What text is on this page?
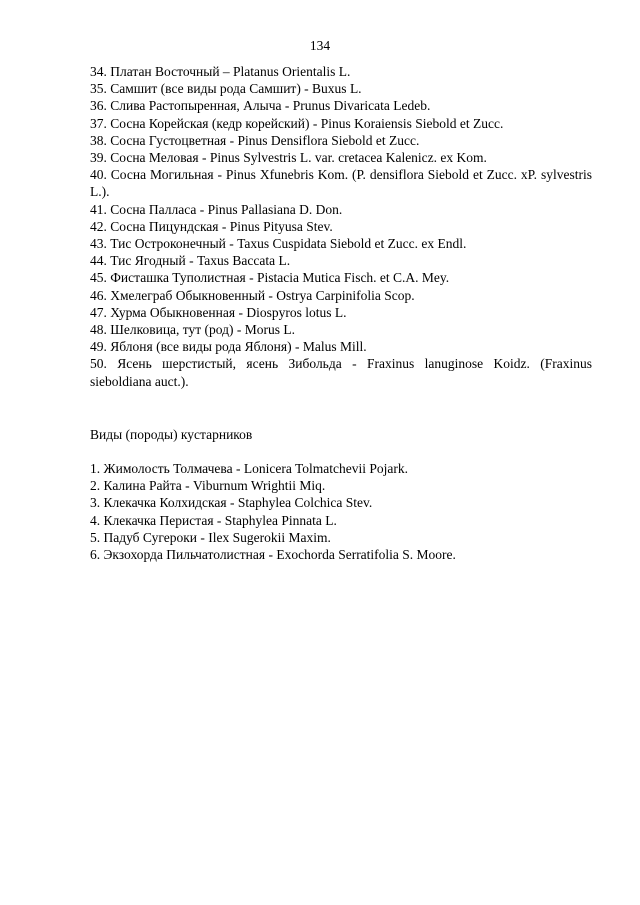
134
34. Платан Восточный – Platanus Orientalis L.
35. Самшит (все виды рода Самшит) - Buxus L.
36. Слива Растопыренная, Алыча - Prunus Divaricata Ledeb.
37. Сосна Корейская (кедр корейский) - Pinus Koraiensis Siebold et Zucc.
38. Сосна Густоцветная - Pinus Densiflora Siebold et Zucc.
39. Сосна Меловая - Pinus Sylvestris L. var. cretacea Kalenicz. ex Kom.
40. Сосна Могильная - Pinus Xfunebris Kom. (P. densiflora Siebold et Zucc. xP. sylvestris L.).
41. Сосна Палласа - Pinus Pallasiana D. Don.
42. Сосна Пицундская - Pinus Pityusa Stev.
43. Тис Остроконечный - Taxus Cuspidata Siebold et Zucc. ex Endl.
44. Тис Ягодный - Taxus Baccata L.
45. Фисташка Туполистная - Pistacia Mutica Fisch. et C.A. Mey.
46. Хмелеграб Обыкновенный - Ostrya Carpinifolia Scop.
47. Хурма Обыкновенная - Diospyros lotus L.
48. Шелковица, тут (род) - Morus L.
49. Яблоня (все виды рода Яблоня) - Malus Mill.
50. Ясень шерстистый, ясень Зибольда - Fraxinus lanuginose Koidz. (Fraxinus sieboldiana auct.).
Виды (породы) кустарников
1. Жимолость Толмачева - Lonicera Tolmatchevii Pojark.
2. Калина Райта - Viburnum Wrightii Miq.
3. Клекачка Колхидская - Staphylea Colchica Stev.
4. Клекачка Перистая - Staphylea Pinnata L.
5. Падуб Сугероки - Ilex Sugerokii Maxim.
6. Экзохорда Пильчатолистная - Exochorda Serratifolia S. Moore.
